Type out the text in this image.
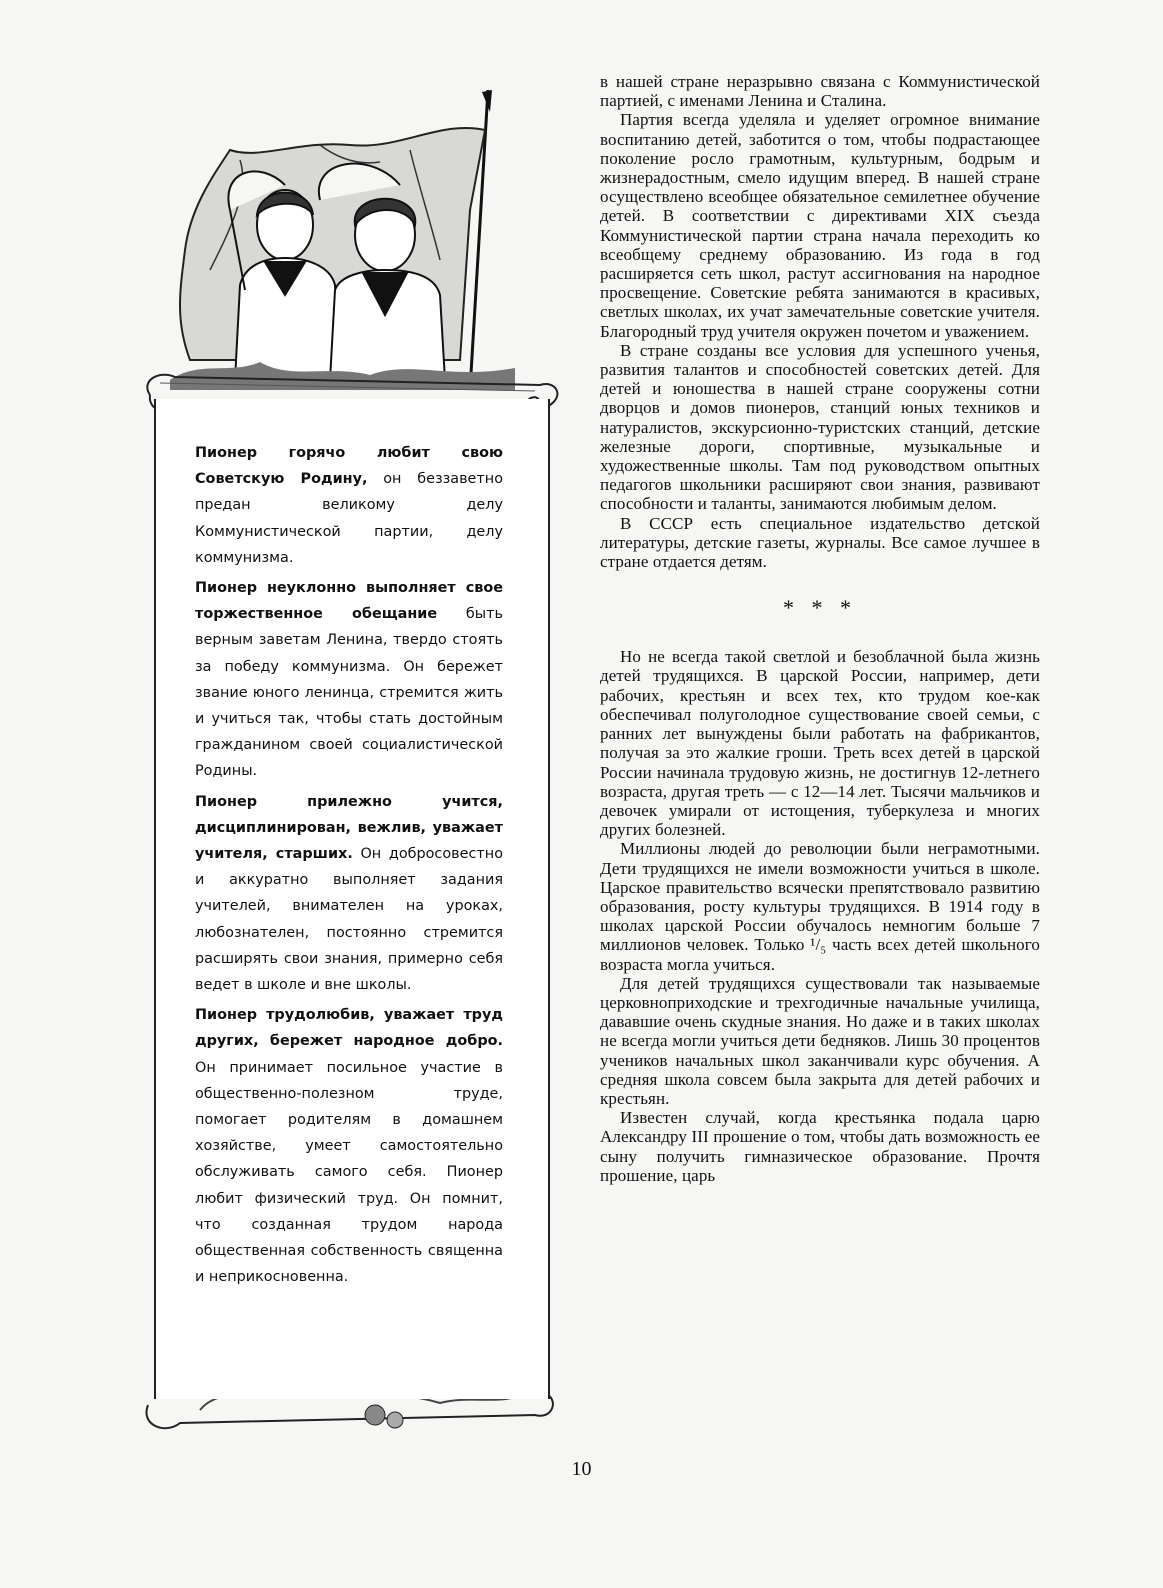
Пионер горячо любит свою Советскую Родину, он беззаветно предан великому делу Коммунистической партии, делу коммунизма.

Пионер неуклонно выполняет свое торжественное обещание быть верным заветам Ленина, твердо стоять за победу коммунизма. Он бережет звание юного ленинца, стремится жить и учиться так, чтобы стать достойным гражданином своей социалистической Родины.

Пионер прилежно учится, дисциплинирован, вежлив, уважает учителя, старших. Он добросовестно и аккуратно выполняет задания учителей, внимателен на уроках, любознателен, постоянно стремится расширять свои знания, примерно себя ведет в школе и вне школы.

Пионер трудолюбив, уважает труд других, бережет народное добро. Он принимает посильное участие в общественно-полезном труде, помогает родителям в домашнем хозяйстве, умеет самостоятельно обслуживать самого себя. Пионер любит физический труд. Он помнит, что созданная трудом народа общественная собственность священна и неприкосновенна.

в нашей стране неразрывно связана с Коммунистической партией, с именами Ленина и Сталина.

Партия всегда уделяла и уделяет огромное внимание воспитанию детей, заботится о том, чтобы подрастающее поколение росло грамотным, культурным, бодрым и жизнерадостным, смело идущим вперед. В нашей стране осуществлено всеобщее обязательное семилетнее обучение детей. В соответствии с директивами XIX съезда Коммунистической партии страна начала переходить ко всеобщему среднему образованию. Из года в год расширяется сеть школ, растут ассигнования на народное просвещение. Советские ребята занимаются в красивых, светлых школах, их учат замечательные советские учителя. Благородный труд учителя окружен почетом и уважением.

В стране созданы все условия для успешного ученья, развития талантов и способностей советских детей. Для детей и юношества в нашей стране сооружены сотни дворцов и домов пионеров, станций юных техников и натуралистов, экскурсионно-туристских станций, детские железные дороги, спортивные, музыкальные и художественные школы. Там под руководством опытных педагогов школьники расширяют свои знания, развивают способности и таланты, занимаются любимым делом.

В СССР есть специальное издательство детской литературы, детские газеты, журналы. Все самое лучшее в стране отдается детям.

* * *

Но не всегда такой светлой и безоблачной была жизнь детей трудящихся. В царской России, например, дети рабочих, крестьян и всех тех, кто трудом кое-как обеспечивал полуголодное существование своей семьи, с ранних лет вынуждены были работать на фабрикантов, получая за это жалкие гроши. Треть всех детей в царской России начинала трудовую жизнь, не достигнув 12-летнего возраста, другая треть — с 12—14 лет. Тысячи мальчиков и девочек умирали от истощения, туберкулеза и многих других болезней.

Миллионы людей до революции были неграмотными. Дети трудящихся не имели возможности учиться в школе. Царское правительство всячески препятствовало развитию образования, росту культуры трудящихся. В 1914 году в школах царской России обучалось немногим больше 7 миллионов человек. Только ¹/₅ часть всех детей школьного возраста могла учиться.

Для детей трудящихся существовали так называемые церковноприходские и трехгодичные начальные училища, дававшие очень скудные знания. Но даже и в таких школах не всегда могли учиться дети бедняков. Лишь 30 процентов учеников начальных школ заканчивали курс обучения. А средняя школа совсем была закрыта для детей рабочих и крестьян.

Известен случай, когда крестьянка подала царю Александру III прошение о том, чтобы дать возможность ее сыну получить гимназическое образование. Прочтя прошение, царь

10
